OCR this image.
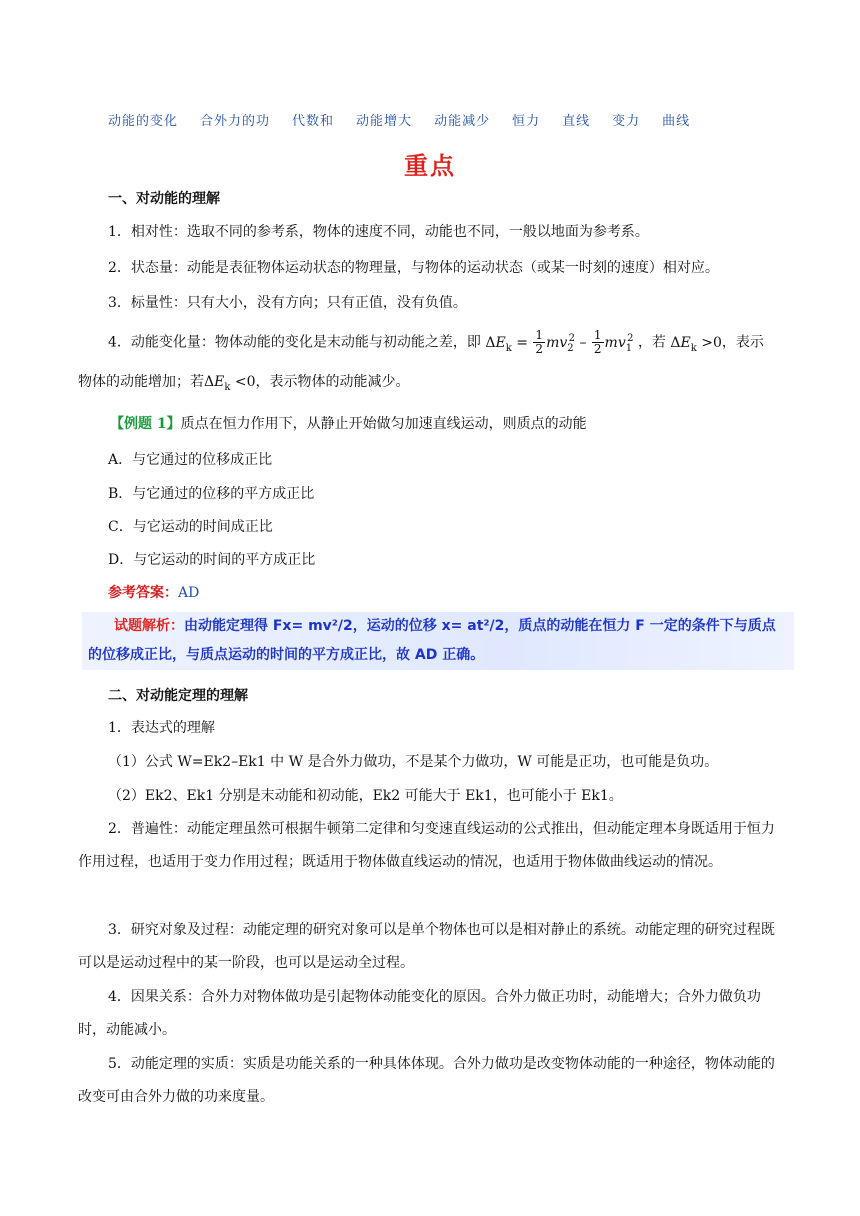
动能的变化 合外力的功 代数和 动能增大 动能减少 恒力 直线 变力 曲线
重点
一、对动能的理解
1．相对性：选取不同的参考系，物体的速度不同，动能也不同，一般以地面为参考系。
2．状态量：动能是表征物体运动状态的物理量，与物体的运动状态（或某一时刻的速度）相对应。
3．标量性：只有大小，没有方向；只有正值，没有负值。
4．动能变化量：物体动能的变化是末动能与初动能之差，即 $\Delta E_k = \frac{1}{2} mv_2^2 - \frac{1}{2} mv_1^2$ ，若 $\Delta E_k >0$，表示
物体的动能增加；若$\Delta E_k <0$，表示物体的动能减少。
【例题 1】质点在恒力作用下，从静止开始做匀加速直线运动，则质点的动能
A．与它通过的位移成正比
B．与它通过的位移的平方成正比
C．与它运动的时间成正比
D．与它运动的时间的平方成正比
参考答案：AD
试题解析：由动能定理得 Fx= mv²/2，运动的位移 x= at²/2，质点的动能在恒力 F 一定的条件下与质点
的位移成正比，与质点运动的时间的平方成正比，故 AD 正确。
二、对动能定理的理解
1．表达式的理解
（1）公式 W=Ek2–Ek1 中 W 是合外力做功，不是某个力做功，W 可能是正功，也可能是负功。
（2）Ek2、Ek1 分别是末动能和初动能，Ek2 可能大于 Ek1，也可能小于 Ek1。
2．普遍性：动能定理虽然可根据牛顿第二定律和匀变速直线运动的公式推出，但动能定理本身既适用于恒力作用过程，也适用于变力作用过程；既适用于物体做直线运动的情况，也适用于物体做曲线运动的情况。
3．研究对象及过程：动能定理的研究对象可以是单个物体也可以是相对静止的系统。动能定理的研究过程既可以是运动过程中的某一阶段，也可以是运动全过程。
4．因果关系：合外力对物体做功是引起物体动能变化的原因。合外力做正功时，动能增大；合外力做负功时，动能减小。
5．动能定理的实质：实质是功能关系的一种具体体现。合外力做功是改变物体动能的一种途径，物体动能的改变可由合外力做的功来度量。
